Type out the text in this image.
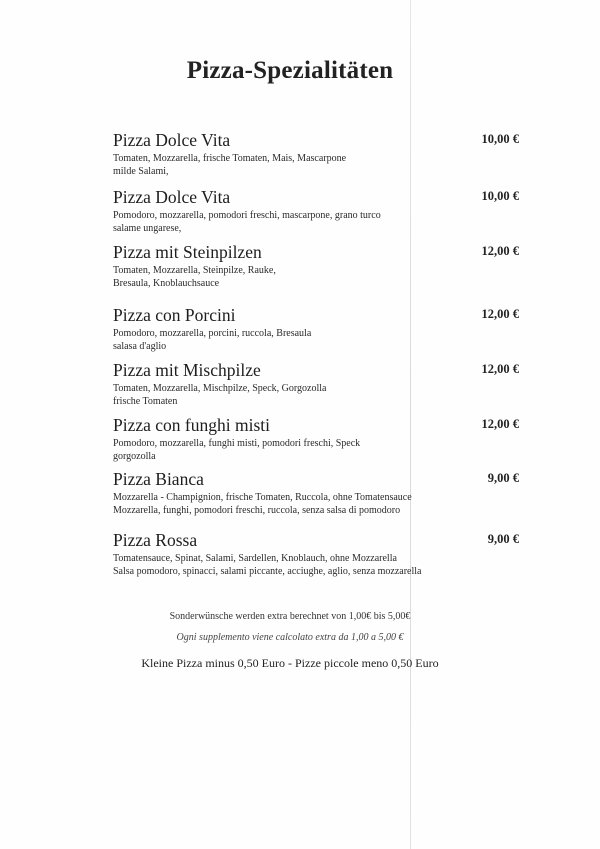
Pizza-Spezialitäten
Pizza Dolce Vita
Tomaten, Mozzarella, frische Tomaten, Mais, Mascarpone
milde Salami,
10,00 €
Pizza Dolce Vita
Pomodoro, mozzarella, pomodori freschi, mascarpone, grano turco
salame ungarese,
10,00 €
Pizza mit Steinpilzen
Tomaten, Mozzarella, Steinpilze, Rauke,
Bresaula, Knoblauchsauce
12,00 €
Pizza con Porcini
Pomodoro, mozzarella, porcini, ruccola, Bresaula
salasa d'aglio
12,00 €
Pizza mit Mischpilze
Tomaten, Mozzarella, Mischpilze, Speck, Gorgozolla
frische Tomaten
12,00 €
Pizza con funghi misti
Pomodoro, mozzarella, funghi misti, pomodori freschi, Speck
gorgozolla
12,00 €
Pizza Bianca
Mozzarella - Champignion, frische Tomaten, Ruccola, ohne Tomatensauce
Mozzarella, funghi, pomodori freschi, ruccola, senza salsa di pomodoro
9,00 €
Pizza Rossa
Tomatensauce, Spinat, Salami, Sardellen, Knoblauch, ohne Mozzarella
Salsa pomodoro, spinacci, salami piccante, acciughe, aglio, senza mozzarella
9,00 €
Sonderwünsche werden extra berechnet von 1,00€ bis 5,00€
Ogni supplemento viene calcolato extra da 1,00 a 5,00 €
Kleine Pizza minus 0,50 Euro - Pizze piccole meno 0,50 Euro
